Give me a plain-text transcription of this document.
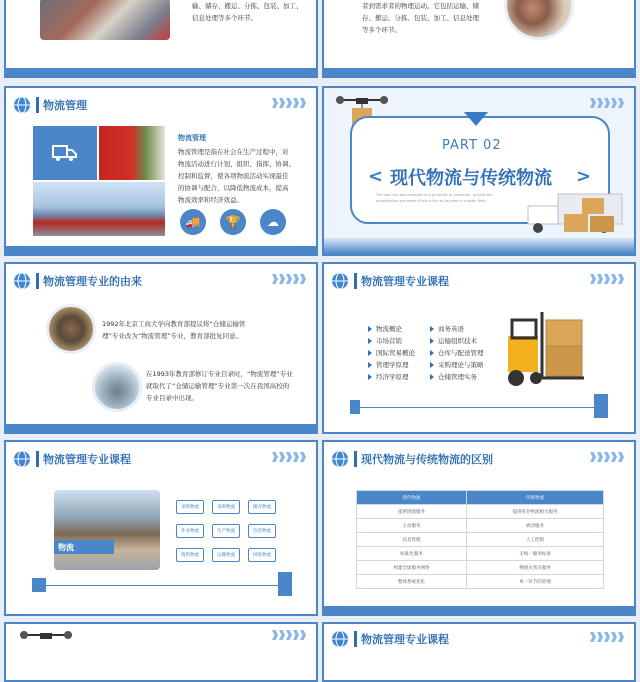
输、储存、搬运、分拣、包装、加工、
信息处理等多个环节。
者到需求者的物理运动。它包括运输、储
存、搬运、分拣、包装、加工、信息处理
等多个环节。
物流管理
物流管理
物流管理是指在社会在生产过程中，对
物流活动进行计划、组织、指挥、协调、
控制和监督，使各项物流活动实现最佳
的协调与配合，以降低物流成本，提高
物流效率和经济效益。
🚚	🏆	☁
PART 02
< 现代物流与传统物流 >
The user can demonstrate on a projector or computer, or print the
presentation and make it into a film to be used in a wider field
物流管理专业的由来
1992年北京工商大学向教育部提议将“仓储运输管
理”专业改为“物流管理”专业，教育部批复同意。
在1993年教育部修订专业目录时，“物流管理”专业
就取代了“仓储运输管理”专业第一次在我国高校的
专业目录中出现。
物流管理专业课程
物流概论
市场营销
国际贸易概论
管理学原理
经济学原理
商务英语
运输组织技术
仓库与配送管理
采购理论与策略
仓储管理实务
物流管理专业课程
物流
采购物流	采购物流	储存物流
作业物流	生产物流	包装物流
销售物流	运输物流	回收物流
现代物流与传统物流的区别
现代物流	传统物流
提供增值服务	提供库存物流相关服务
主动服务	被动服务
信息管理	人工控制
标准化服务	无统一服务标准
构建全球服务网络	侧重点到点服务
整体系统优化	单一环节的管理
物流管理专业课程
